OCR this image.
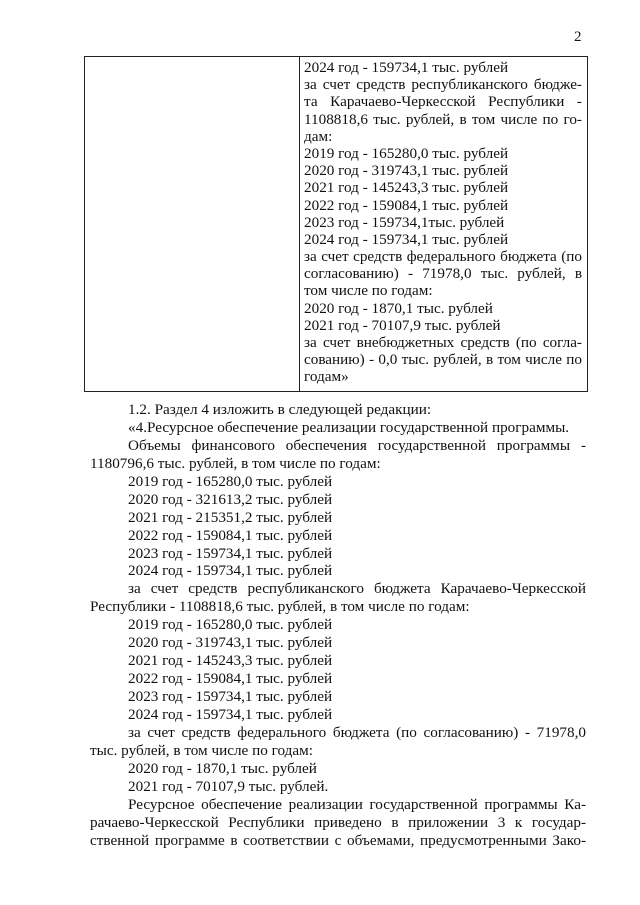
2
2024 год - 159734,1 тыс. рублей
за счет средств республиканского бюдже-
та Карачаево-Черкесской Республики -
1108818,6 тыс. рублей, в том числе по го-
дам:
2019 год - 165280,0 тыс. рублей
2020 год - 319743,1 тыс. рублей
2021 год - 145243,3 тыс. рублей
2022 год - 159084,1 тыс. рублей
2023 год - 159734,1тыс. рублей
2024 год - 159734,1 тыс. рублей
за счет средств федерального бюджета (по
согласованию) - 71978,0 тыс. рублей, в
том числе по годам:
2020 год - 1870,1 тыс. рублей
2021 год - 70107,9 тыс. рублей
за счет внебюджетных средств (по согла-
сованию) - 0,0 тыс. рублей, в том числе по
годам»
1.2. Раздел 4 изложить в следующей редакции:
«4.Ресурсное обеспечение реализации государственной программы.
Объемы финансового обеспечения государственной программы -
1180796,6 тыс. рублей, в том числе по годам:
2019 год - 165280,0 тыс. рублей
2020 год - 321613,2 тыс. рублей
2021 год - 215351,2 тыс. рублей
2022 год - 159084,1 тыс. рублей
2023 год - 159734,1 тыс. рублей
2024 год - 159734,1 тыс. рублей
за счет средств республиканского бюджета Карачаево-Черкесской
Республики - 1108818,6 тыс. рублей, в том числе по годам:
2019 год - 165280,0 тыс. рублей
2020 год - 319743,1 тыс. рублей
2021 год - 145243,3 тыс. рублей
2022 год - 159084,1 тыс. рублей
2023 год - 159734,1 тыс. рублей
2024 год - 159734,1 тыс. рублей
за счет средств федерального бюджета (по согласованию) - 71978,0
тыс. рублей, в том числе по годам:
2020 год - 1870,1 тыс. рублей
2021 год - 70107,9 тыс. рублей.
Ресурсное обеспечение реализации государственной программы Ка-
рачаево-Черкесской Республики приведено в приложении 3 к государ-
ственной программе в соответствии с объемами, предусмотренными Зако-
